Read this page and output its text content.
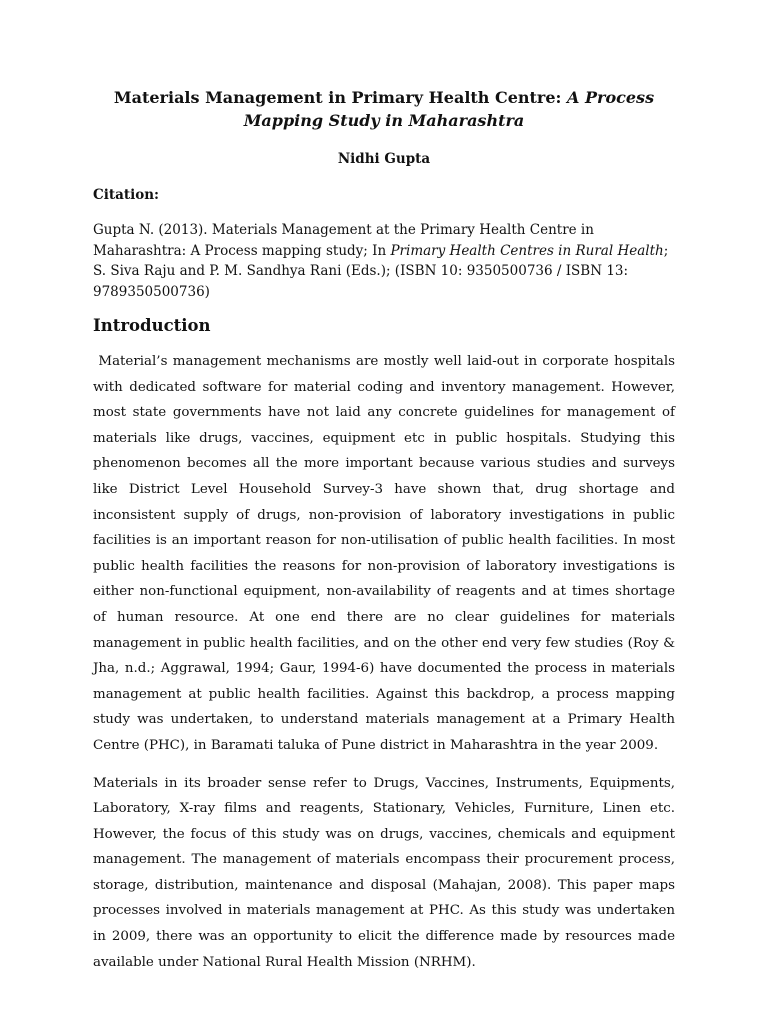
Materials Management in Primary Health Centre: A Process Mapping Study in Maharashtra

Nidhi Gupta

Citation:

Gupta N. (2013). Materials Management at the Primary Health Centre in Maharashtra: A Process mapping study; In Primary Health Centres in Rural Health; S. Siva Raju and P. M. Sandhya Rani (Eds.); (ISBN 10: 9350500736 / ISBN 13: 9789350500736)

Introduction

Material’s management mechanisms are mostly well laid-out in corporate hospitals with dedicated software for material coding and inventory management. However, most state governments have not laid any concrete guidelines for management of materials like drugs, vaccines, equipment etc in public hospitals. Studying this phenomenon becomes all the more important because various studies and surveys like District Level Household Survey-3 have shown that, drug shortage and inconsistent supply of drugs, non-provision of laboratory investigations in public facilities is an important reason for non-utilisation of public health facilities. In most public health facilities the reasons for non-provision of laboratory investigations is either non-functional equipment, non-availability of reagents and at times shortage of human resource. At one end there are no clear guidelines for materials management in public health facilities, and on the other end very few studies (Roy & Jha, n.d.; Aggrawal, 1994; Gaur, 1994-6) have documented the process in materials management at public health facilities. Against this backdrop, a process mapping study was undertaken, to understand materials management at a Primary Health Centre (PHC), in Baramati taluka of Pune district in Maharashtra in the year 2009.

Materials in its broader sense refer to Drugs, Vaccines, Instruments, Equipments, Laboratory, X-ray films and reagents, Stationary, Vehicles, Furniture, Linen etc. However, the focus of this study was on drugs, vaccines, chemicals and equipment management. The management of materials encompass their procurement process, storage, distribution, maintenance and disposal (Mahajan, 2008). This paper maps processes involved in materials management at PHC. As this study was undertaken in 2009, there was an opportunity to elicit the difference made by resources made available under National Rural Health Mission (NRHM).
